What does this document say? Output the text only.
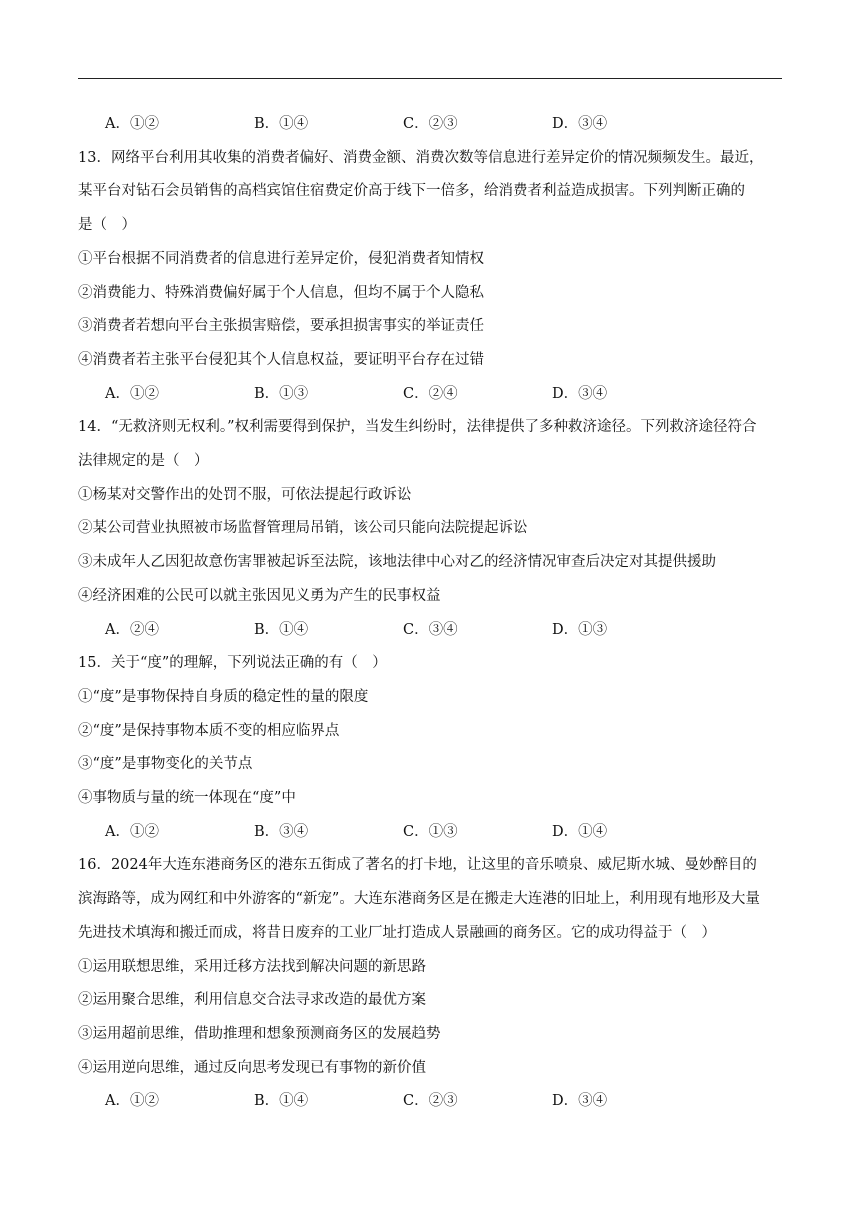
A．①②	B．①④	C．②③	D．③④
13．网络平台利用其收集的消费者偏好、消费金额、消费次数等信息进行差异定价的情况频频发生。最近，
某平台对钻石会员销售的高档宾馆住宿费定价高于线下一倍多，给消费者利益造成损害。下列判断正确的
是（　）
①平台根据不同消费者的信息进行差异定价，侵犯消费者知情权
②消费能力、特殊消费偏好属于个人信息，但均不属于个人隐私
③消费者若想向平台主张损害赔偿，要承担损害事实的举证责任
④消费者若主张平台侵犯其个人信息权益，要证明平台存在过错
A．①②	B．①③	C．②④	D．③④
14．“无救济则无权利。”权利需要得到保护，当发生纠纷时，法律提供了多种救济途径。下列救济途径符合
法律规定的是（　）
①杨某对交警作出的处罚不服，可依法提起行政诉讼
②某公司营业执照被市场监督管理局吊销，该公司只能向法院提起诉讼
③未成年人乙因犯故意伤害罪被起诉至法院，该地法律中心对乙的经济情况审查后决定对其提供援助
④经济困难的公民可以就主张因见义勇为产生的民事权益
A．②④	B．①④	C．③④	D．①③
15．关于“度”的理解，下列说法正确的有（　）
①“度”是事物保持自身质的稳定性的量的限度
②“度”是保持事物本质不变的相应临界点
③“度”是事物变化的关节点
④事物质与量的统一体现在“度”中
A．①②	B．③④	C．①③	D．①④
16．2024年大连东港商务区的港东五街成了著名的打卡地，让这里的音乐喷泉、威尼斯水城、曼妙醉目的
滨海路等，成为网红和中外游客的“新宠”。大连东港商务区是在搬走大连港的旧址上，利用现有地形及大量
先进技术填海和搬迁而成，将昔日废弃的工业厂址打造成人景融画的商务区。它的成功得益于（　）
①运用联想思维，采用迁移方法找到解决问题的新思路
②运用聚合思维，利用信息交合法寻求改造的最优方案
③运用超前思维，借助推理和想象预测商务区的发展趋势
④运用逆向思维，通过反向思考发现已有事物的新价值
A．①②	B．①④	C．②③	D．③④
